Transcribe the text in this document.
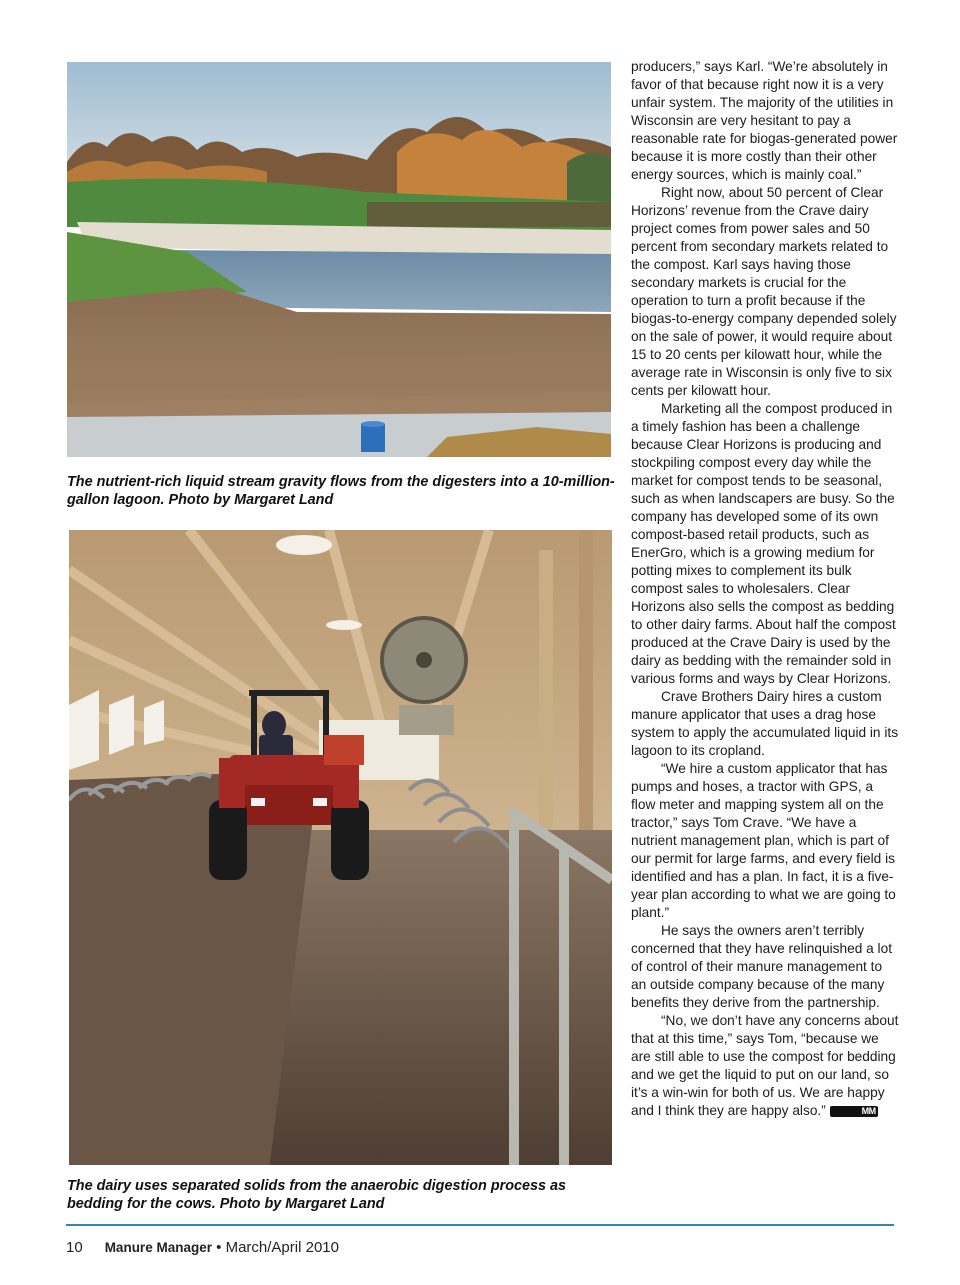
The nutrient-rich liquid stream gravity flows from the digesters into a 10-million-gallon lagoon. Photo by Margaret Land
The dairy uses separated solids from the anaerobic digestion process as bedding for the cows. Photo by Margaret Land

producers,” says Karl. “We’re absolutely in favor of that because right now it is a very unfair system. The majority of the utilities in Wisconsin are very hesitant to pay a reasonable rate for biogas-generated power because it is more costly than their other energy sources, which is mainly coal.”

Right now, about 50 percent of Clear Horizons’ revenue from the Crave dairy project comes from power sales and 50 percent from secondary markets related to the compost. Karl says having those secondary markets is crucial for the operation to turn a profit because if the biogas-to-energy company depended solely on the sale of power, it would require about 15 to 20 cents per kilowatt hour, while the average rate in Wisconsin is only five to six cents per kilowatt hour.

Marketing all the compost produced in a timely fashion has been a challenge because Clear Horizons is producing and stockpiling compost every day while the market for compost tends to be seasonal, such as when landscapers are busy. So the company has developed some of its own compost-based retail products, such as EnerGro, which is a growing medium for potting mixes to complement its bulk compost sales to wholesalers. Clear Horizons also sells the compost as bedding to other dairy farms. About half the compost produced at the Crave Dairy is used by the dairy as bedding with the remainder sold in various forms and ways by Clear Horizons.

Crave Brothers Dairy hires a custom manure applicator that uses a drag hose system to apply the accumulated liquid in its lagoon to its cropland.

“We hire a custom applicator that has pumps and hoses, a tractor with GPS, a flow meter and mapping system all on the tractor,” says Tom Crave. “We have a nutrient management plan, which is part of our permit for large farms, and every field is identified and has a plan. In fact, it is a five-year plan according to what we are going to plant.”

He says the owners aren’t terribly concerned that they have relinquished a lot of control of their manure management to an outside company because of the many benefits they derive from the partnership.

“No, we don’t have any concerns about that at this time,” says Tom, “because we are still able to use the compost for bedding and we get the liquid to put on our land, so it’s a win-win for both of us. We are happy and I think they are happy also.”	MM

10 Manure Manager • March/April 2010
